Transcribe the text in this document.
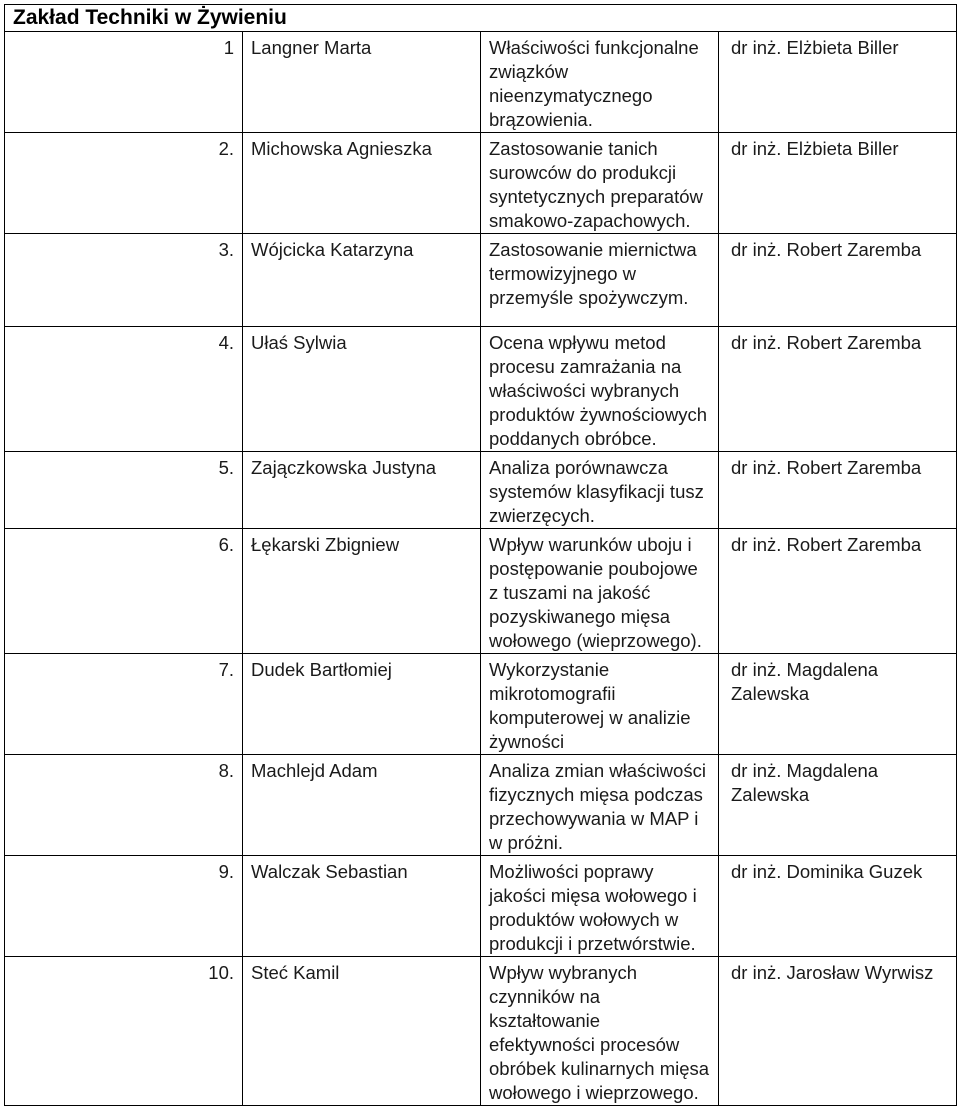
Zakład Techniki w Żywieniu			

1	Langner Marta	Właściwości funkcjonalne związków nieenzymatycznego brązowienia.	dr inż. Elżbieta Biller

2.	Michowska Agnieszka	Zastosowanie tanich surowców do produkcji syntetycznych preparatów smakowo-zapachowych.	dr inż. Elżbieta Biller

3.	Wójcicka Katarzyna	Zastosowanie miernictwa termowizyjnego w przemyśle spożywczym.	dr inż. Robert Zaremba

4.	Ułaś Sylwia	Ocena wpływu metod procesu zamrażania na właściwości wybranych produktów żywnościowych poddanych obróbce.	dr inż. Robert Zaremba

5.	Zajączkowska Justyna	Analiza porównawcza systemów klasyfikacji tusz zwierzęcych.	dr inż. Robert Zaremba

6.	Łękarski Zbigniew	Wpływ warunków uboju i postępowanie poubojowe z tuszami na jakość pozyskiwanego mięsa wołowego (wieprzowego).	dr inż. Robert Zaremba

7.	Dudek Bartłomiej	Wykorzystanie mikrotomografii komputerowej w analizie żywności	dr inż. Magdalena Zalewska

8.	Machlejd Adam	Analiza zmian właściwości fizycznych mięsa podczas przechowywania w MAP i w próżni.	dr inż. Magdalena Zalewska

9.	Walczak Sebastian	Możliwości poprawy jakości mięsa wołowego i produktów wołowych w produkcji i przetwórstwie.	dr inż. Dominika Guzek

10.	Steć Kamil	Wpływ wybranych czynników na kształtowanie efektywności procesów obróbek kulinarnych mięsa wołowego i wieprzowego.	dr inż. Jarosław Wyrwisz
